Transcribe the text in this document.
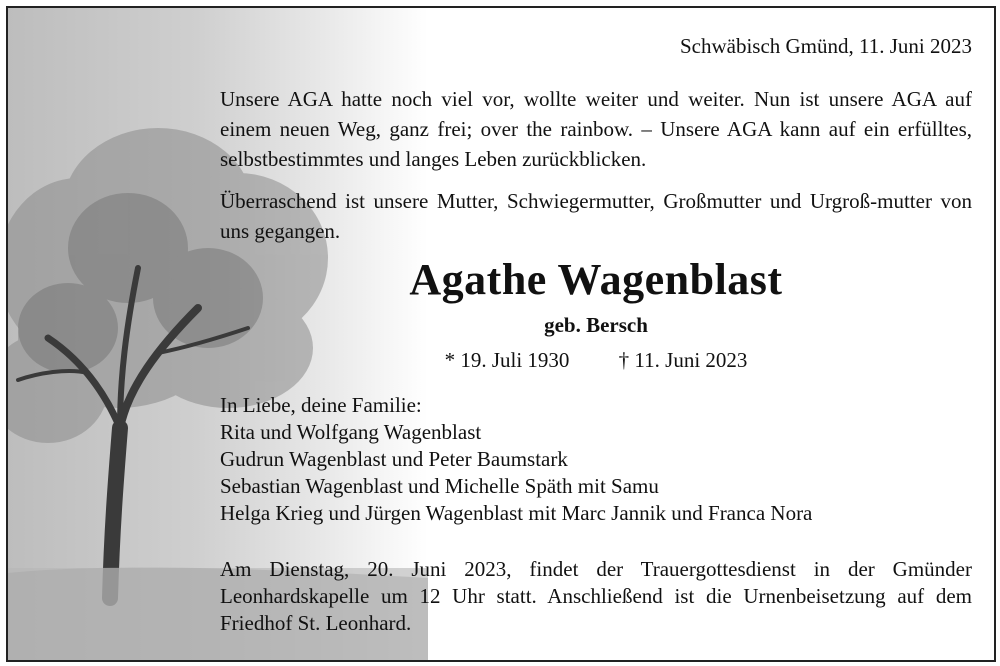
Schwäbisch Gmünd, 11. Juni 2023
Unsere AGA hatte noch viel vor, wollte weiter und weiter. Nun ist unsere AGA auf einem neuen Weg, ganz frei; over the rainbow. – Unsere AGA kann auf ein erfülltes, selbstbestimmtes und langes Leben zurückblicken.
Überraschend ist unsere Mutter, Schwiegermutter, Großmutter und Urgroß-mutter von uns gegangen.
Agathe Wagenblast
geb. Bersch
* 19. Juli 1930 † 11. Juni 2023
In Liebe, deine Familie:
Rita und Wolfgang Wagenblast
Gudrun Wagenblast und Peter Baumstark
Sebastian Wagenblast und Michelle Späth mit Samu
Helga Krieg und Jürgen Wagenblast mit Marc Jannik und Franca Nora
Am Dienstag, 20. Juni 2023, findet der Trauergottesdienst in der Gmünder Leonhardskapelle um 12 Uhr statt. Anschließend ist die Urnenbeisetzung auf dem Friedhof St. Leonhard.
